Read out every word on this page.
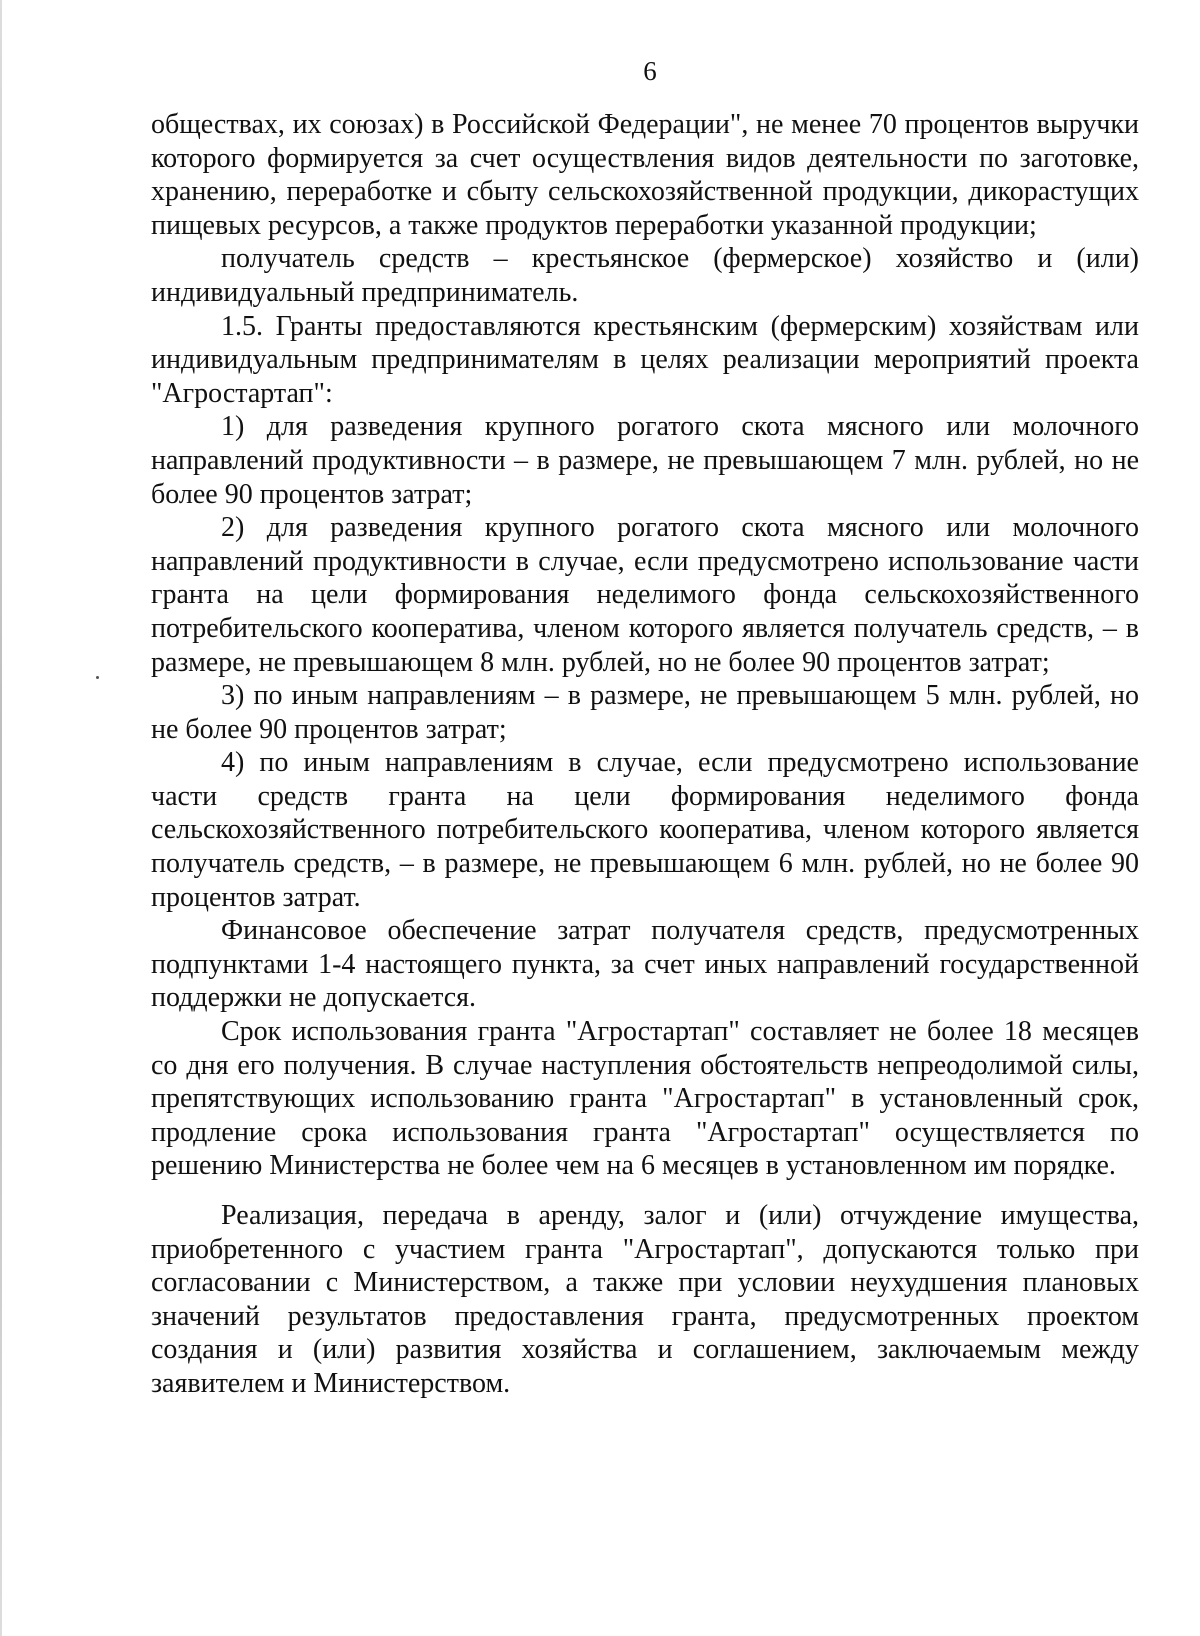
6

обществах, их союзах) в Российской Федерации", не менее 70 процентов выручки которого формируется за счет осуществления видов деятельности по заготовке, хранению, переработке и сбыту сельскохозяйственной продукции, дикорастущих пищевых ресурсов, а также продуктов переработки указанной продукции;

получатель средств – крестьянское (фермерское) хозяйство и (или) индивидуальный предприниматель.

1.5. Гранты предоставляются крестьянским (фермерским) хозяйствам или индивидуальным предпринимателям в целях реализации мероприятий проекта "Агростартап":

1) для разведения крупного рогатого скота мясного или молочного направлений продуктивности – в размере, не превышающем 7 млн. рублей, но не более 90 процентов затрат;

2) для разведения крупного рогатого скота мясного или молочного направлений продуктивности в случае, если предусмотрено использование части гранта на цели формирования неделимого фонда сельскохозяйственного потребительского кооператива, членом которого является получатель средств, – в размере, не превышающем 8 млн. рублей, но не более 90 процентов затрат;

3) по иным направлениям – в размере, не превышающем 5 млн. рублей, но не более 90 процентов затрат;

4) по иным направлениям в случае, если предусмотрено использование части средств гранта на цели формирования неделимого фонда сельскохозяйственного потребительского кооператива, членом которого является получатель средств, – в размере, не превышающем 6 млн. рублей, но не более 90 процентов затрат.

Финансовое обеспечение затрат получателя средств, предусмотренных подпунктами 1-4 настоящего пункта, за счет иных направлений государственной поддержки не допускается.

Срок использования гранта "Агростартап" составляет не более 18 месяцев со дня его получения. В случае наступления обстоятельств непреодолимой силы, препятствующих использованию гранта "Агростартап" в установленный срок, продление срока использования гранта "Агростартап" осуществляется по решению Министерства не более чем на 6 месяцев в установленном им порядке.

Реализация, передача в аренду, залог и (или) отчуждение имущества, приобретенного с участием гранта "Агростартап", допускаются только при согласовании с Министерством, а также при условии неухудшения плановых значений результатов предоставления гранта, предусмотренных проектом создания и (или) развития хозяйства и соглашением, заключаемым между заявителем и Министерством.
